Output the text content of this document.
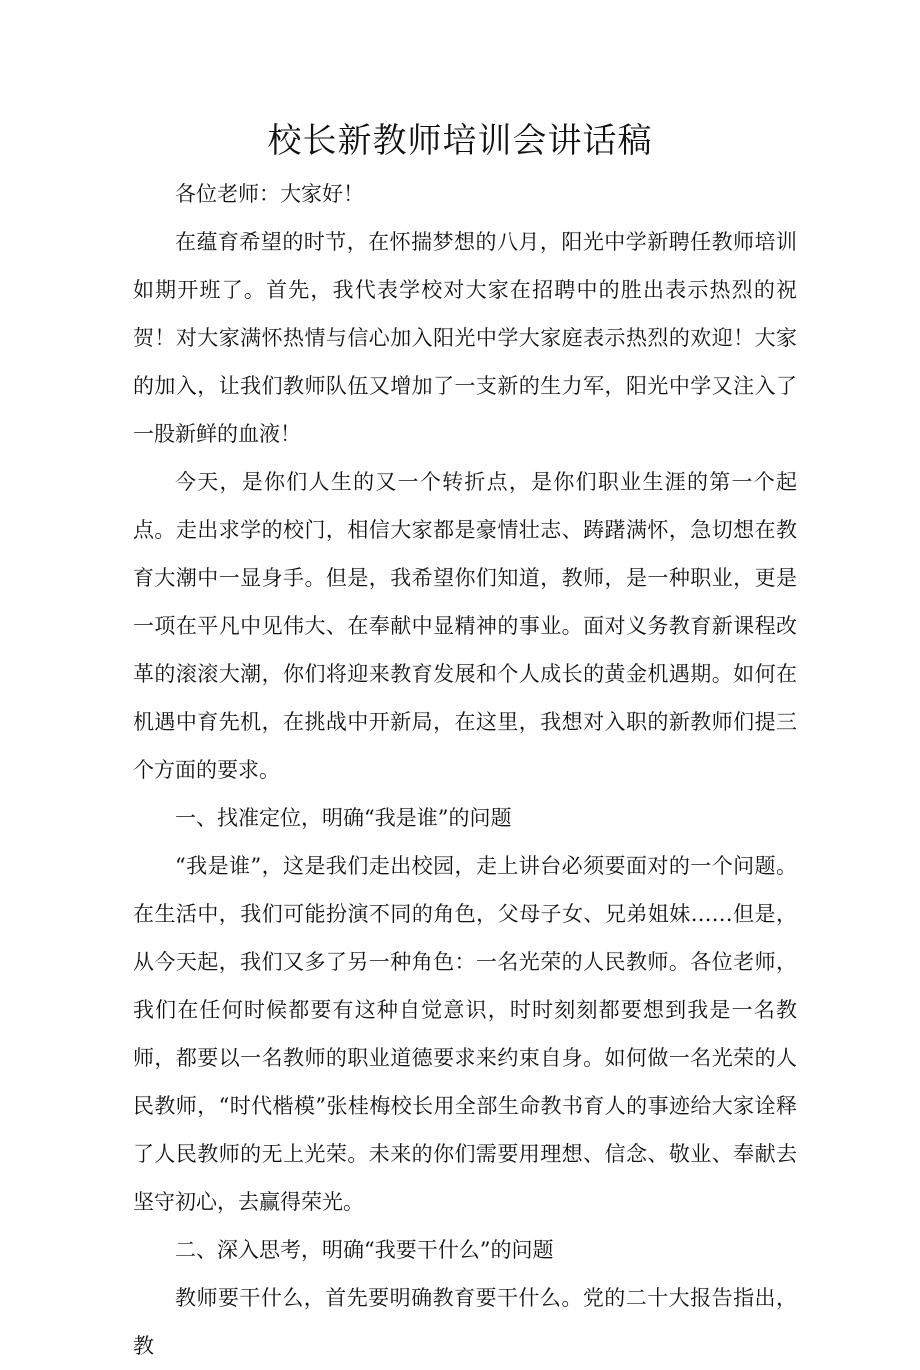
校长新教师培训会讲话稿

各位老师：大家好！

在蕴育希望的时节，在怀揣梦想的八月，阳光中学新聘任教师培训如期开班了。首先，我代表学校对大家在招聘中的胜出表示热烈的祝贺！对大家满怀热情与信心加入阳光中学大家庭表示热烈的欢迎！大家的加入，让我们教师队伍又增加了一支新的生力军，阳光中学又注入了一股新鲜的血液！

今天，是你们人生的又一个转折点，是你们职业生涯的第一个起点。走出求学的校门，相信大家都是豪情壮志、踌躇满怀，急切想在教育大潮中一显身手。但是，我希望你们知道，教师，是一种职业，更是一项在平凡中见伟大、在奉献中显精神的事业。面对义务教育新课程改革的滚滚大潮，你们将迎来教育发展和个人成长的黄金机遇期。如何在机遇中育先机，在挑战中开新局，在这里，我想对入职的新教师们提三个方面的要求。

一、找准定位，明确“我是谁”的问题

“我是谁”，这是我们走出校园，走上讲台必须要面对的一个问题。在生活中，我们可能扮演不同的角色，父母子女、兄弟姐妹……但是，从今天起，我们又多了另一种角色：一名光荣的人民教师。各位老师，我们在任何时候都要有这种自觉意识，时时刻刻都要想到我是一名教师，都要以一名教师的职业道德要求来约束自身。如何做一名光荣的人民教师，“时代楷模”张桂梅校长用全部生命教书育人的事迹给大家诠释了人民教师的无上光荣。未来的你们需要用理想、信念、敬业、奉献去坚守初心，去赢得荣光。

二、深入思考，明确“我要干什么”的问题

教师要干什么，首先要明确教育要干什么。党的二十大报告指出，教
